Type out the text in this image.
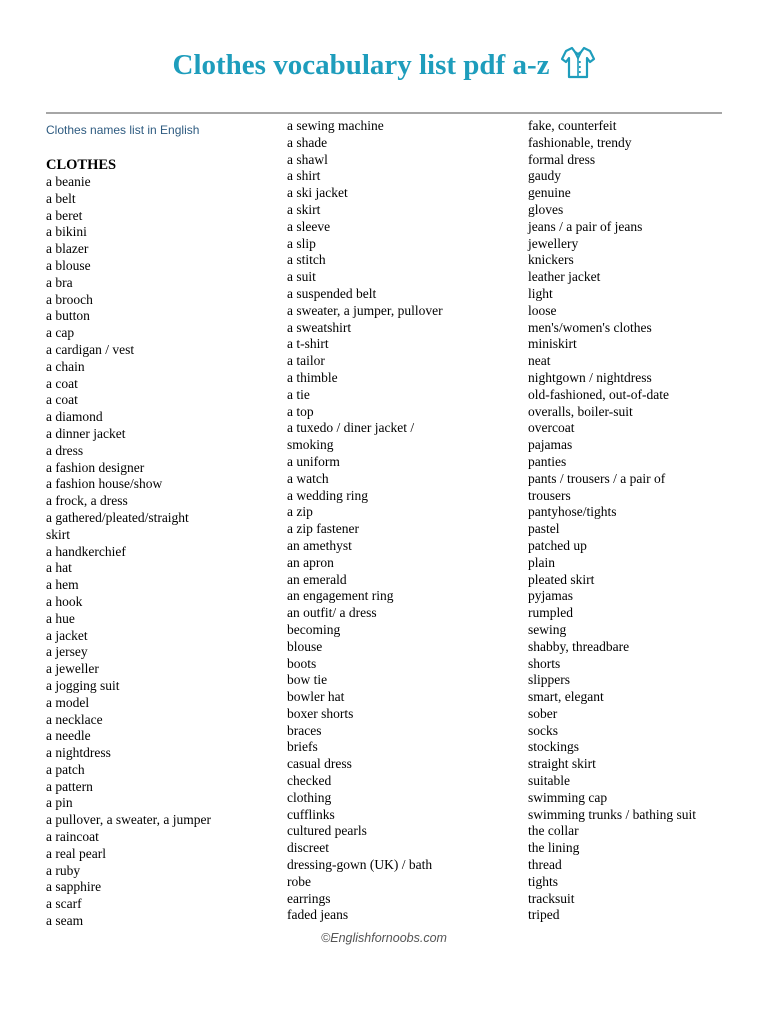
Clothes vocabulary list pdf a-z
Clothes names list in English
CLOTHES
a beanie
a belt
a beret
a bikini
a blazer
a blouse
a bra
a brooch
a button
a cap
a cardigan / vest
a chain
a coat
a coat
a diamond
a dinner jacket
a dress
a fashion designer
a fashion house/show
a frock, a dress
a gathered/pleated/straight
skirt
a handkerchief
a hat
a hem
a hook
a hue
a jacket
a jersey
a jeweller
a jogging suit
a model
a necklace
a needle
a nightdress
a patch
a pattern
a pin
a pullover, a sweater, a jumper
a raincoat
a real pearl
a ruby
a sapphire
a scarf
a seam
a sewing machine
a shade
a shawl
a shirt
a ski jacket
a skirt
a sleeve
a slip
a stitch
a suit
a suspended belt
a sweater, a jumper, pullover
a sweatshirt
a t-shirt
a tailor
a thimble
a tie
a top
a tuxedo / diner jacket /
smoking
a uniform
a watch
a wedding ring
a zip
a zip fastener
an amethyst
an apron
an emerald
an engagement ring
an outfit/ a dress
becoming
blouse
boots
bow tie
bowler hat
boxer shorts
braces
briefs
casual dress
checked
clothing
cufflinks
cultured pearls
discreet
dressing-gown (UK) / bath
robe
earrings
faded jeans
fake, counterfeit
fashionable, trendy
formal dress
gaudy
genuine
gloves
jeans / a pair of jeans
jewellery
knickers
leather jacket
light
loose
men's/women's clothes
miniskirt
neat
nightgown / nightdress
old-fashioned, out-of-date
overalls, boiler-suit
overcoat
pajamas
panties
pants / trousers / a pair of
trousers
pantyhose/tights
pastel
patched up
plain
pleated skirt
pyjamas
rumpled
sewing
shabby, threadbare
shorts
slippers
smart, elegant
sober
socks
stockings
straight skirt
suitable
swimming cap
swimming trunks / bathing suit
the collar
the lining
thread
tights
tracksuit
triped
©Englishfornoobs.com
